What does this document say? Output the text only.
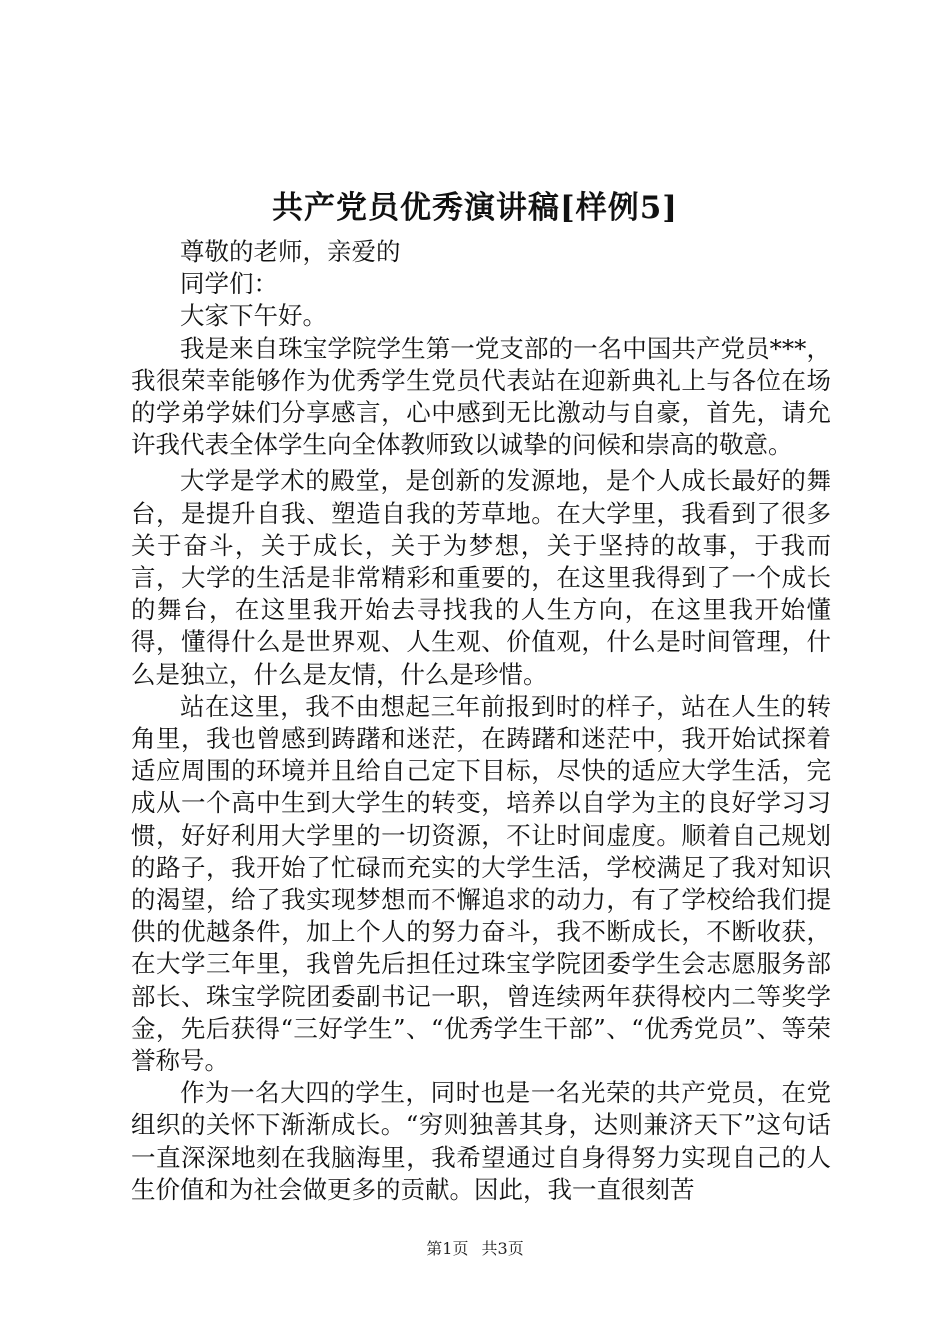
共产党员优秀演讲稿[样例5]

尊敬的老师，亲爱的

同学们：

大家下午好。

我是来自珠宝学院学生第一党支部的一名中国共产党员***，我很荣幸能够作为优秀学生党员代表站在迎新典礼上与各位在场的学弟学妹们分享感言，心中感到无比激动与自豪，首先，请允许我代表全体学生向全体教师致以诚挚的问候和崇高的敬意。

大学是学术的殿堂，是创新的发源地，是个人成长最好的舞台，是提升自我、塑造自我的芳草地。在大学里，我看到了很多关于奋斗，关于成长，关于为梦想，关于坚持的故事，于我而言，大学的生活是非常精彩和重要的，在这里我得到了一个成长的舞台，在这里我开始去寻找我的人生方向，在这里我开始懂得，懂得什么是世界观、人生观、价值观，什么是时间管理，什么是独立，什么是友情，什么是珍惜。

站在这里，我不由想起三年前报到时的样子，站在人生的转角里，我也曾感到踌躇和迷茫，在踌躇和迷茫中，我开始试探着适应周围的环境并且给自己定下目标，尽快的适应大学生活，完成从一个高中生到大学生的转变，培养以自学为主的良好学习习惯，好好利用大学里的一切资源，不让时间虚度。顺着自己规划的路子，我开始了忙碌而充实的大学生活，学校满足了我对知识的渴望，给了我实现梦想而不懈追求的动力，有了学校给我们提供的优越条件，加上个人的努力奋斗，我不断成长，不断收获，在大学三年里，我曾先后担任过珠宝学院团委学生会志愿服务部部长、珠宝学院团委副书记一职，曾连续两年获得校内二等奖学金，先后获得“三好学生”、“优秀学生干部”、“优秀党员”、等荣誉称号。

作为一名大四的学生，同时也是一名光荣的共产党员，在党组织的关怀下渐渐成长。“穷则独善其身，达则兼济天下”这句话一直深深地刻在我脑海里，我希望通过自身得努力实现自己的人生价值和为社会做更多的贡献。因此，我一直很刻苦

第1页 共3页
